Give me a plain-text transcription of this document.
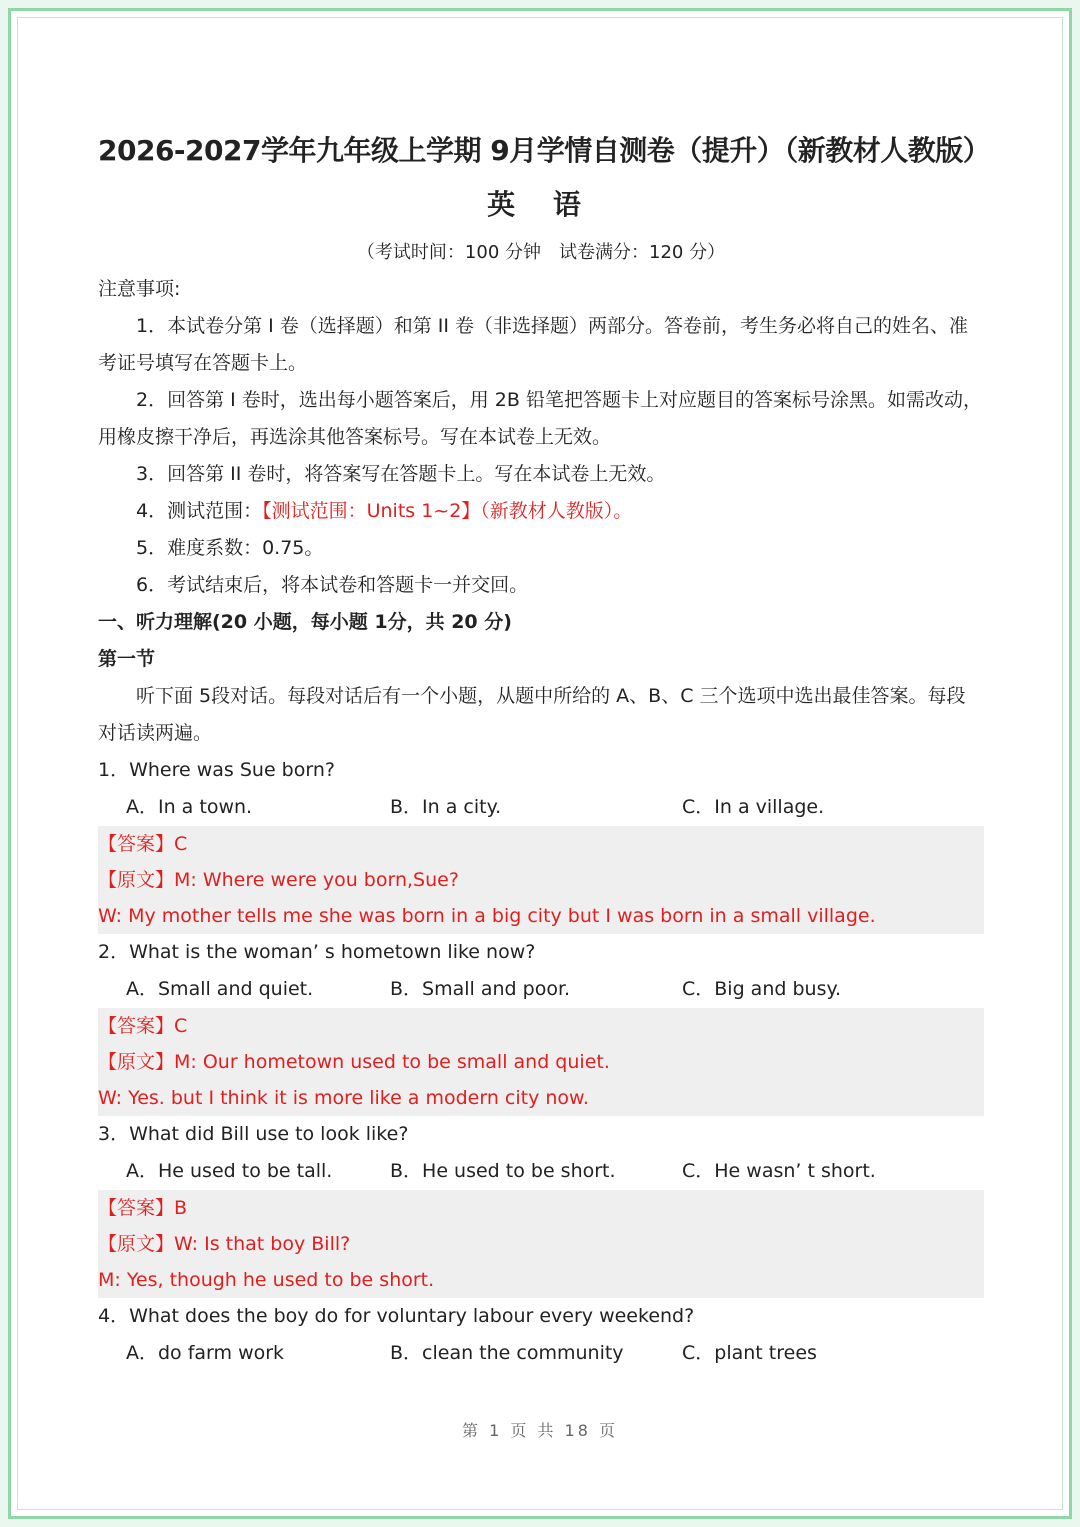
2026-2027学年九年级上学期 9月学情自测卷（提升）（新教材人教版）
英 语
（考试时间：100 分钟　试卷满分：120 分）
注意事项:
1．本试卷分第 I 卷（选择题）和第 II 卷（非选择题）两部分。答卷前，考生务必将自己的姓名、准考证号填写在答题卡上。
2．回答第 I 卷时，选出每小题答案后，用 2B 铅笔把答题卡上对应题目的答案标号涂黑。如需改动，用橡皮擦干净后，再选涂其他答案标号。写在本试卷上无效。
3．回答第 II 卷时，将答案写在答题卡上。写在本试卷上无效。
4．测试范围：【测试范围：Units 1~2】（新教材人教版）。
5．难度系数：0.75。
6．考试结束后，将本试卷和答题卡一并交回。
一、听力理解(20 小题，每小题 1分，共 20 分)
第一节
听下面 5段对话。每段对话后有一个小题，从题中所给的 A、B、C 三个选项中选出最佳答案。每段对话读两遍。
1．Where was Sue born?
A．In a town.	B．In a city.	C．In a village.
【答案】C
【原文】M: Where were you born,Sue?
W: My mother tells me she was born in a big city but I was born in a small village.
2．What is the woman’ s hometown like now?
A．Small and quiet.	B．Small and poor.	C．Big and busy.
【答案】C
【原文】M: Our hometown used to be small and quiet.
W: Yes. but I think it is more like a modern city now.
3．What did Bill use to look like?
A．He used to be tall.	B．He used to be short.	C．He wasn’ t short.
【答案】B
【原文】W: Is that boy Bill?
M: Yes, though he used to be short.
4．What does the boy do for voluntary labour every weekend?
A．do farm work	B．clean the community	C．plant trees
第 1 页 共 18 页
